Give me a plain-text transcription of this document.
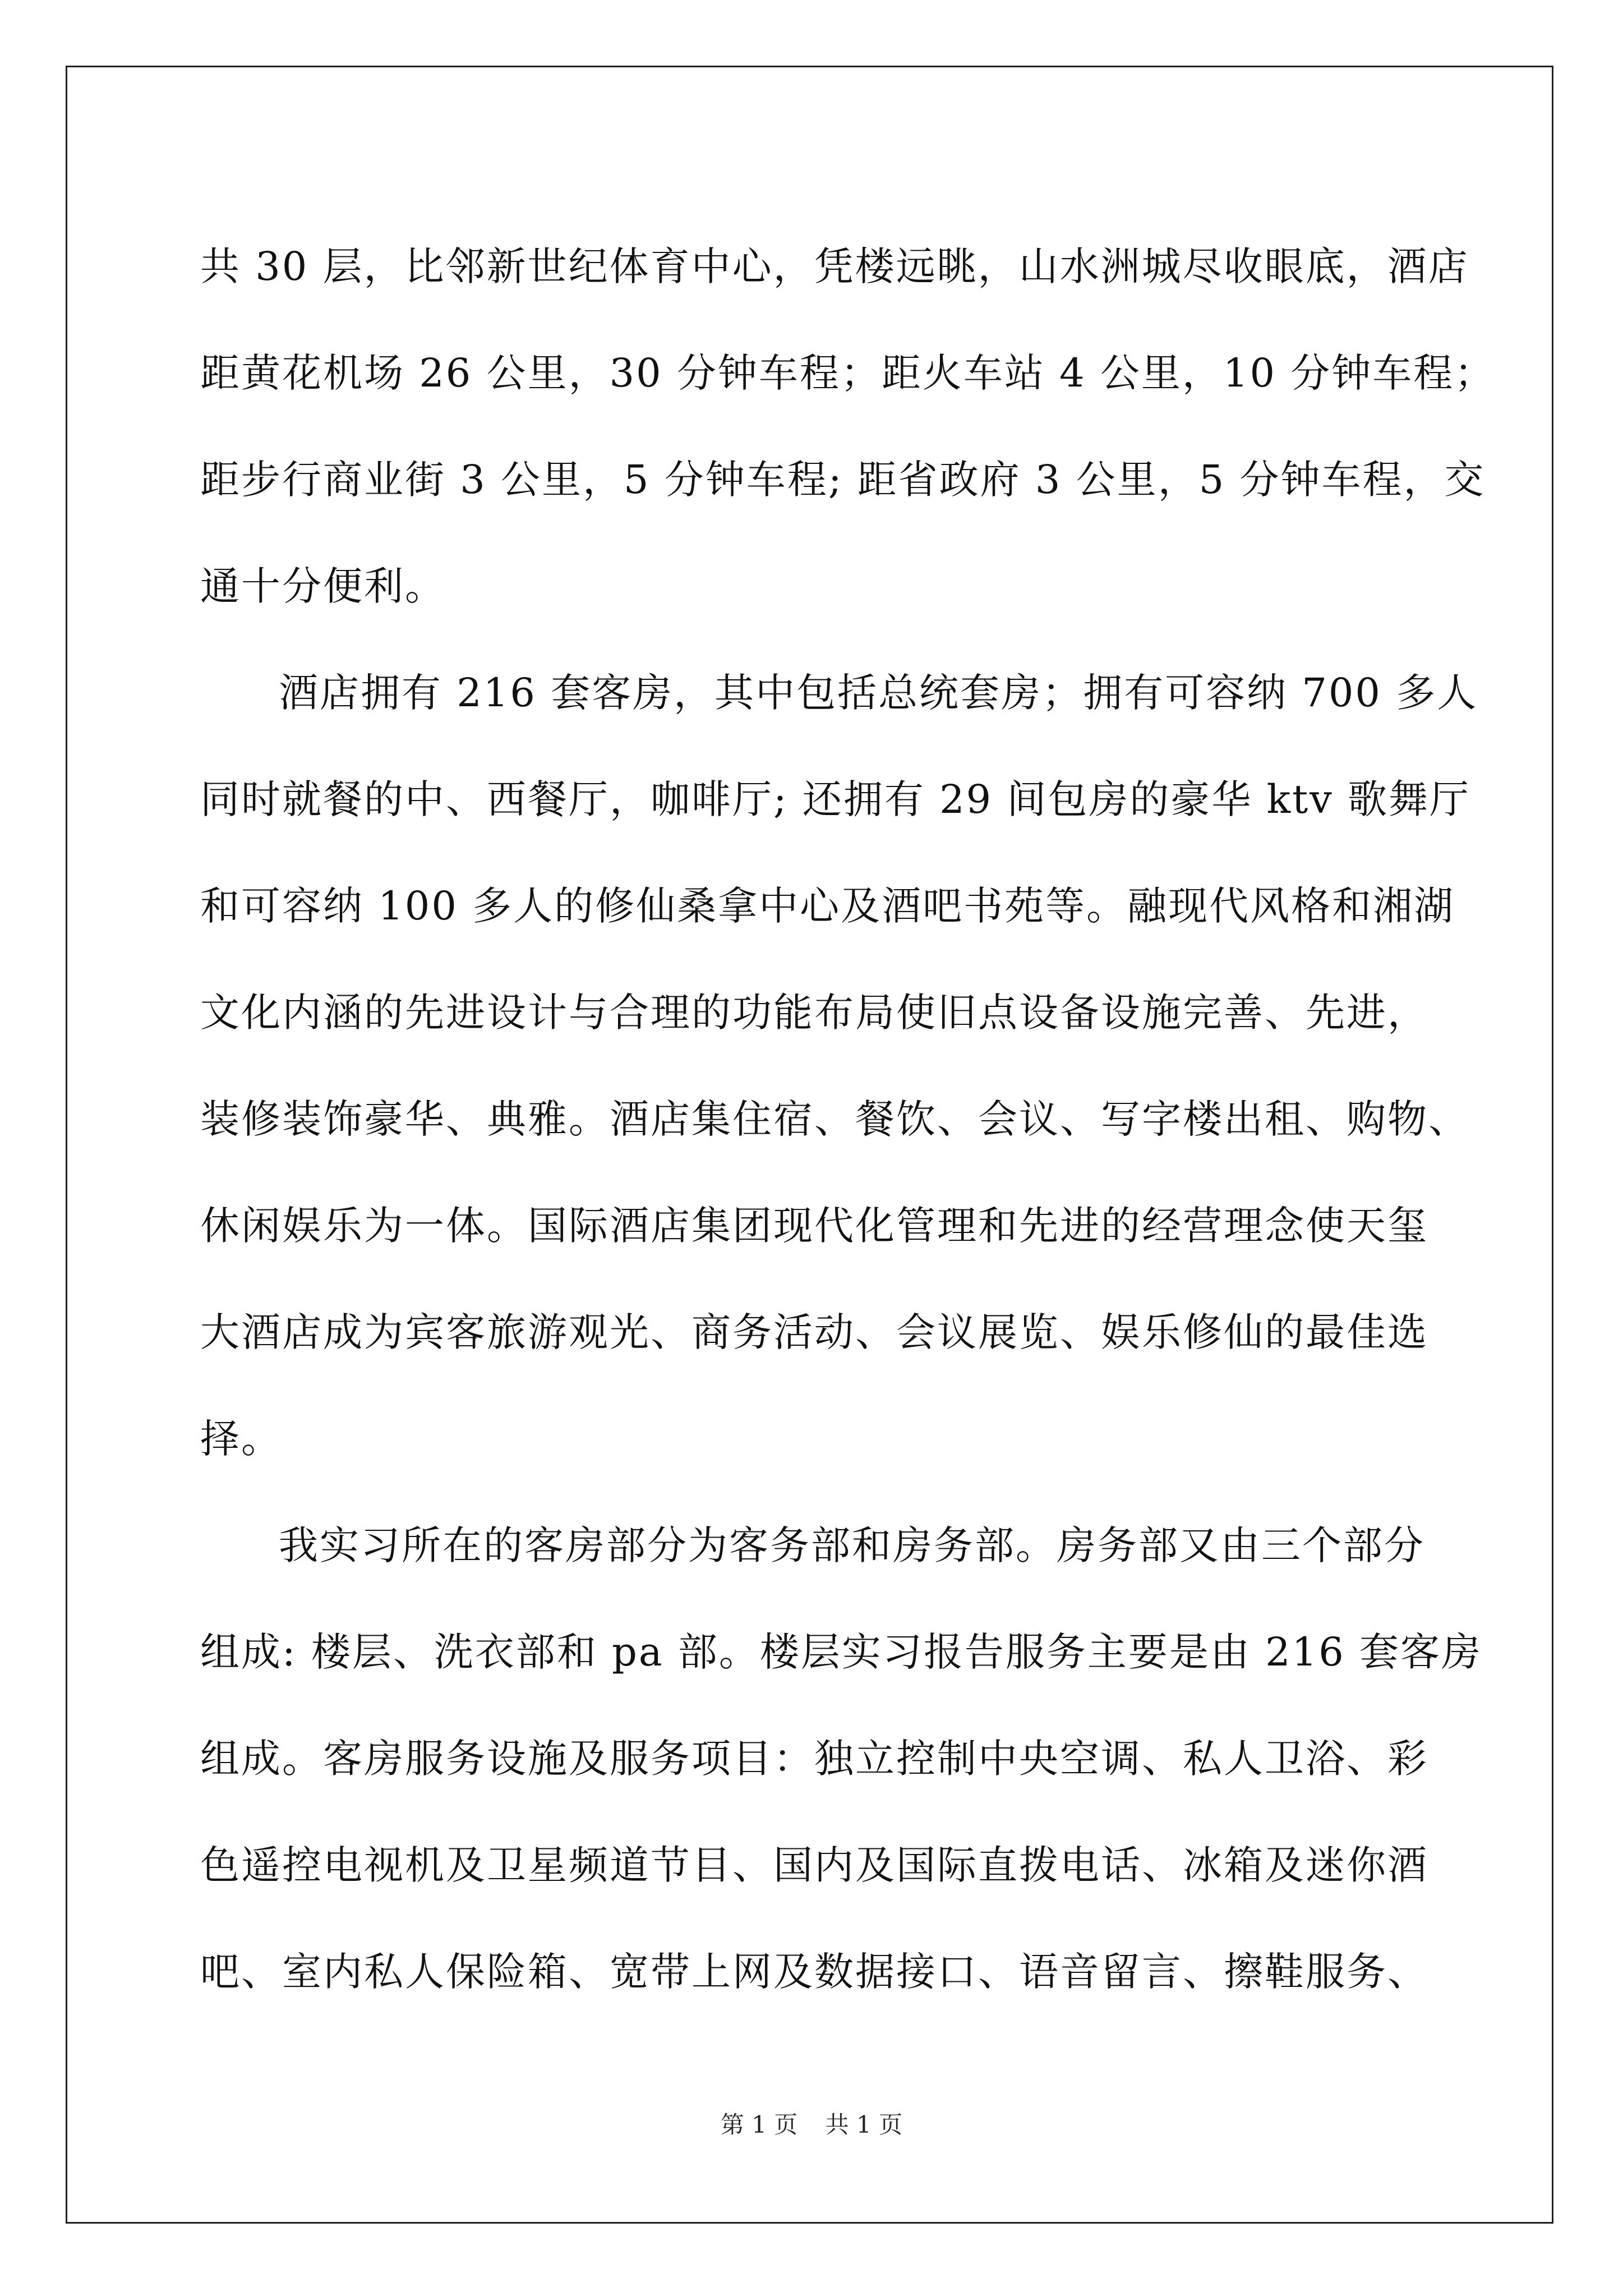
共 30 层，比邻新世纪体育中心，凭楼远眺，山水洲城尽收眼底，酒店
距黄花机场 26 公里，30 分钟车程；距火车站 4 公里，10 分钟车程；
距步行商业街 3 公里，5 分钟车程; 距省政府 3 公里，5 分钟车程，交
通十分便利。
酒店拥有 216 套客房，其中包括总统套房；拥有可容纳 700 多人
同时就餐的中、西餐厅，咖啡厅; 还拥有 29 间包房的豪华 ktv 歌舞厅
和可容纳 100 多人的修仙桑拿中心及酒吧书苑等。融现代风格和湘湖
文化内涵的先进设计与合理的功能布局使旧点设备设施完善、先进，
装修装饰豪华、典雅。酒店集住宿、餐饮、会议、写字楼出租、购物、
休闲娱乐为一体。国际酒店集团现代化管理和先进的经营理念使天玺
大酒店成为宾客旅游观光、商务活动、会议展览、娱乐修仙的最佳选
择。
我实习所在的客房部分为客务部和房务部。房务部又由三个部分
组成: 楼层、洗衣部和 pa 部。楼层实习报告服务主要是由 216 套客房
组成。客房服务设施及服务项目：独立控制中央空调、私人卫浴、彩
色遥控电视机及卫星频道节目、国内及国际直拨电话、冰箱及迷你酒
吧、室内私人保险箱、宽带上网及数据接口、语音留言、擦鞋服务、
第 1 页 共 1 页
